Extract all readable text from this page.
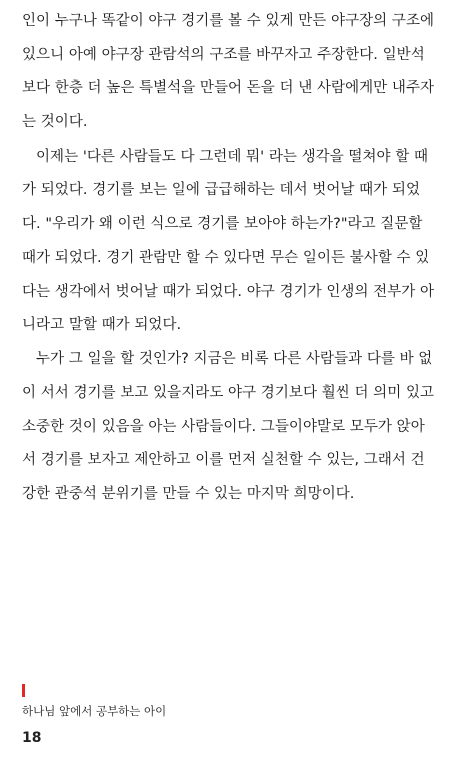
인이 누구나 똑같이 야구 경기를 볼 수 있게 만든 야구장의 구조에
있으니 아예 야구장 관람석의 구조를 바꾸자고 주장한다. 일반석
보다 한층 더 높은 특별석을 만들어 돈을 더 낸 사람에게만 내주자
는 것이다.
이제는 '다른 사람들도 다 그런데 뭐' 라는 생각을 떨쳐야 할 때
가 되었다. 경기를 보는 일에 급급해하는 데서 벗어날 때가 되었
다. "우리가 왜 이런 식으로 경기를 보아야 하는가?"라고 질문할
때가 되었다. 경기 관람만 할 수 있다면 무슨 일이든 불사할 수 있
다는 생각에서 벗어날 때가 되었다. 야구 경기가 인생의 전부가 아
니라고 말할 때가 되었다.
누가 그 일을 할 것인가? 지금은 비록 다른 사람들과 다를 바 없
이 서서 경기를 보고 있을지라도 야구 경기보다 훨씬 더 의미 있고
소중한 것이 있음을 아는 사람들이다. 그들이야말로 모두가 앉아
서 경기를 보자고 제안하고 이를 먼저 실천할 수 있는, 그래서 건
강한 관중석 분위기를 만들 수 있는 마지막 희망이다.
하나님 앞에서 공부하는 아이
18
